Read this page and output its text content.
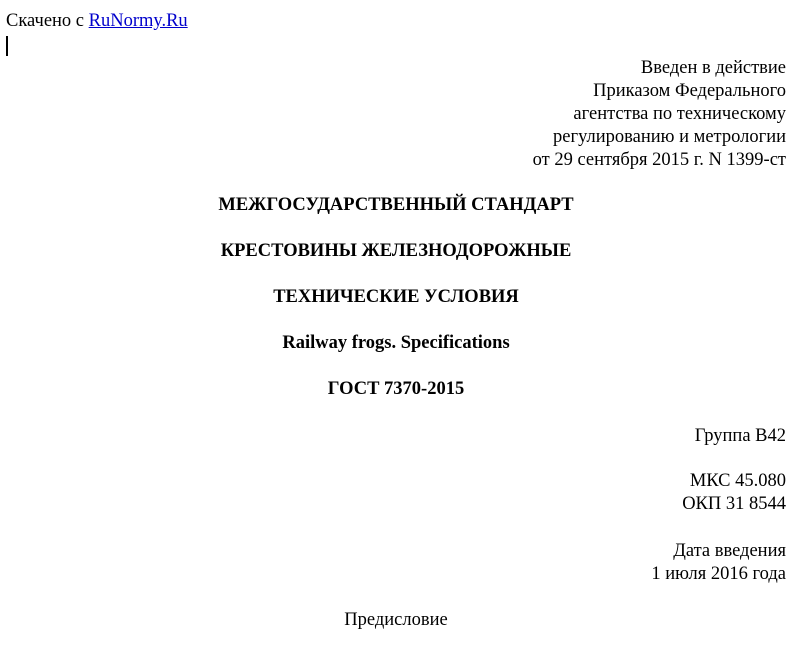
Скачено с RuNormy.Ru

Введен в действие

Приказом Федерального

агентства по техническому

регулированию и метрологии

от 29 сентября 2015 г. N 1399-ст

МЕЖГОСУДАРСТВЕННЫЙ СТАНДАРТ

КРЕСТОВИНЫ ЖЕЛЕЗНОДОРОЖНЫЕ

ТЕХНИЧЕСКИЕ УСЛОВИЯ

Railway frogs. Specifications

ГОСТ 7370-2015

Группа В42

МКС 45.080

ОКП 31 8544

Дата введения

1 июля 2016 года

Предисловие
